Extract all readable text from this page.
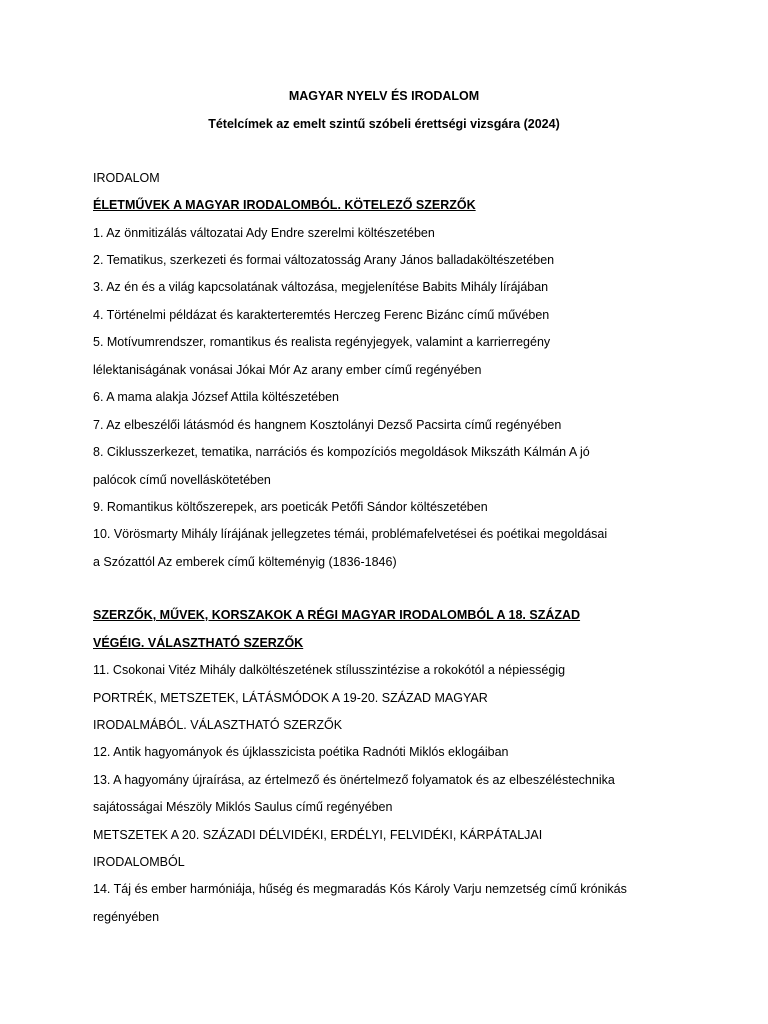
MAGYAR NYELV ÉS IRODALOM
Tételcímek az emelt szintű szóbeli érettségi vizsgára (2024)
IRODALOM
ÉLETMŰVEK A MAGYAR IRODALOMBÓL. KÖTELEZŐ SZERZŐK
1. Az önmitizálás változatai Ady Endre szerelmi költészetében
2. Tematikus, szerkezeti és formai változatosság Arany János balladaköltészetében
3. Az én és a világ kapcsolatának változása, megjelenítése Babits Mihály lírájában
4. Történelmi példázat és karakterteremtés Herczeg Ferenc Bizánc című művében
5. Motívumrendszer, romantikus és realista regényjegyek, valamint a karrierregény
lélektaniságának vonásai Jókai Mór Az arany ember című regényében
6. A mama alakja József Attila költészetében
7. Az elbeszélői látásmód és hangnem Kosztolányi Dezső Pacsirta című regényében
8. Ciklusszerkezet, tematika, narrációs és kompozíciós megoldások Mikszáth Kálmán A jó
palócok című novelláskötetében
9. Romantikus költőszerepek, ars poeticák Petőfi Sándor költészetében
10. Vörösmarty Mihály lírájának jellegzetes témái, problémafelvetései és poétikai megoldásai
a Szózattól Az emberek című költeményig (1836-1846)
SZERZŐK, MŰVEK, KORSZAKOK A RÉGI MAGYAR IRODALOMBÓL A 18. SZÁZAD
VÉGÉIG. VÁLASZTHATÓ SZERZŐK
11. Csokonai Vitéz Mihály dalköltészetének stílusszintézise a rokokótól a népiességig
PORTRÉK, METSZETEK, LÁTÁSMÓDOK A 19-20. SZÁZAD MAGYAR
IRODALMÁBÓL. VÁLASZTHATÓ SZERZŐK
12. Antik hagyományok és újklasszicista poétika Radnóti Miklós eklogáiban
13. A hagyomány újraírása, az értelmező és önértelmező folyamatok és az elbeszéléstechnika
sajátosságai Mészöly Miklós Saulus című regényében
METSZETEK A 20. SZÁZADI DÉLVIDÉKI, ERDÉLYI, FELVIDÉKI, KÁRPÁTALJAI
IRODALOMBÓL
14. Táj és ember harmóniája, hűség és megmaradás Kós Károly Varju nemzetség című krónikás
regényében
